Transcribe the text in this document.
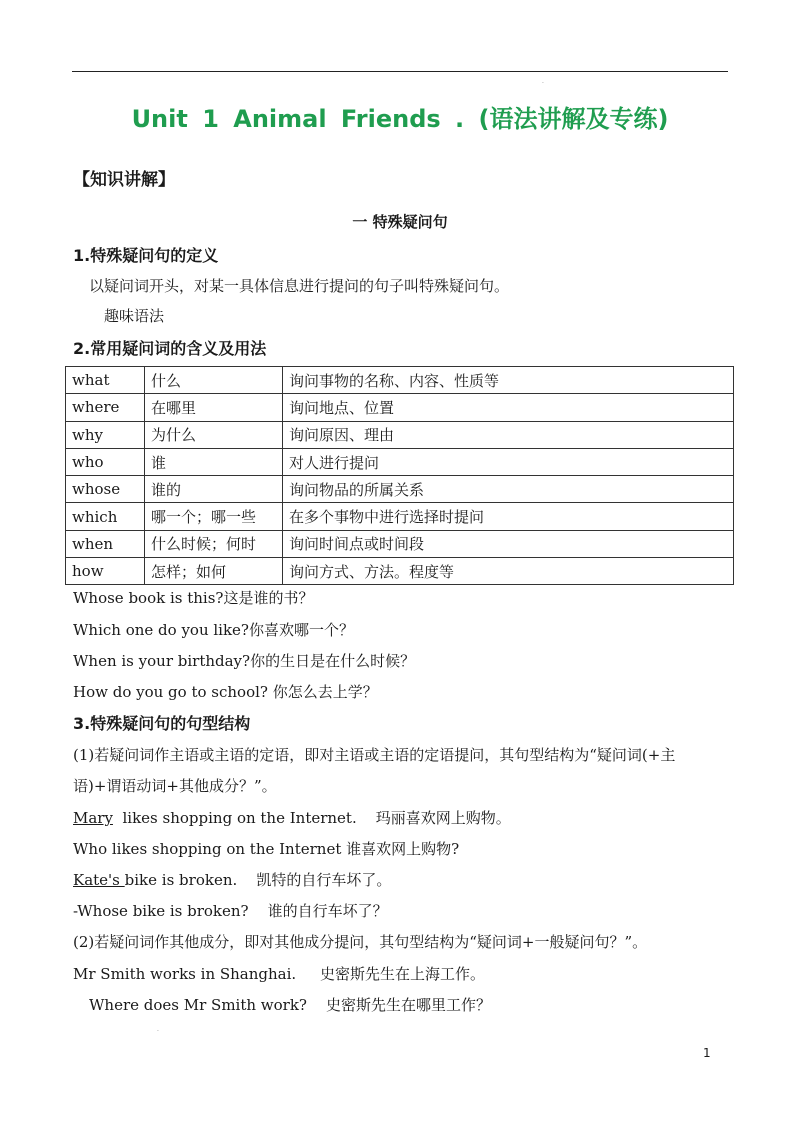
·
Unit 1 Animal Friends . (语法讲解及专练)
【知识讲解】
一 特殊疑问句
1.特殊疑问句的定义
以疑问词开头，对某一具体信息进行提问的句子叫特殊疑问句。
趣味语法
2.常用疑问词的含义及用法
what	什么	询问事物的名称、内容、性质等
where	在哪里	询问地点、位置
why	为什么	询问原因、理由
who	谁	对人进行提问
whose	谁的	询问物品的所属关系
which	哪一个；哪一些	在多个事物中进行选择时提问
when	什么时候；何时	询问时间点或时间段
how	怎样；如何	询问方式、方法。程度等
Whose book is this?这是谁的书？
Which one do you like?你喜欢哪一个？
When is your birthday?你的生日是在什么时候？
How do you go to school? 你怎么去上学？
3.特殊疑问句的句型结构
(1)若疑问词作主语或主语的定语，即对主语或主语的定语提问，其句型结构为“疑问词(+主
语)+谓语动词+其他成分？”。
Mary  likes shopping on the Internet.    玛丽喜欢网上购物。
Who likes shopping on the Internet 谁喜欢网上购物?
Kate's bike is broken.    凯特的自行车坏了。
-Whose bike is broken?    谁的自行车坏了？
(2)若疑问词作其他成分，即对其他成分提问，其句型结构为“疑问词+一般疑问句？”。
Mr Smith works in Shanghai.     史密斯先生在上海工作。
Where does Mr Smith work?    史密斯先生在哪里工作？
·
1
